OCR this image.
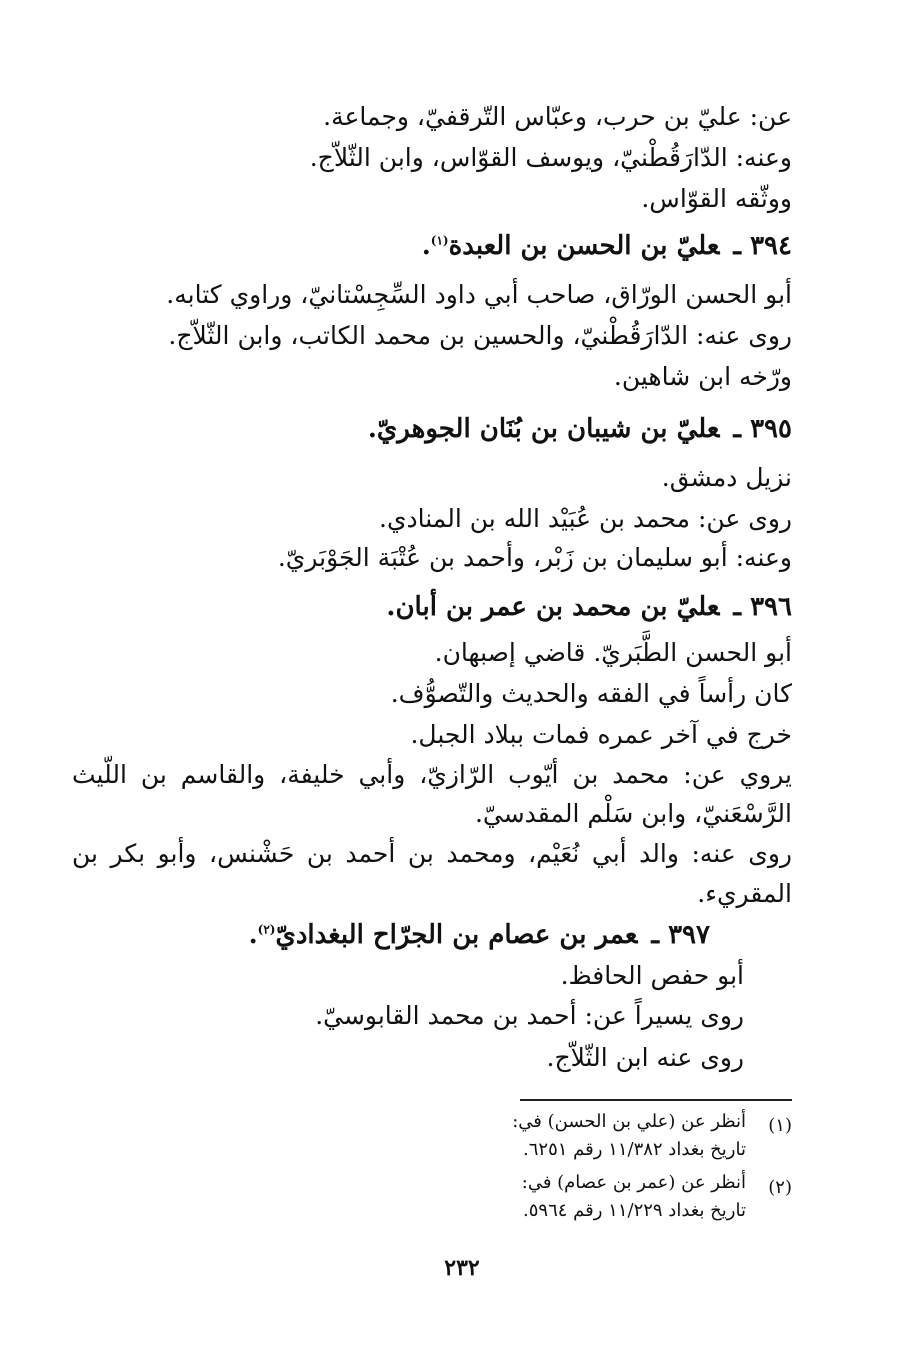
عن: عليّ بن حرب، وعبّاس التّرقفيّ، وجماعة.
وعنه: الدّارَقُطْنيّ، ويوسف القوّاس، وابن الثّلاّج.
ووثّقه القوّاس.
٣٩٤ ـعليّ بن الحسن بن العبدة$^{(١)}$.
أبو الحسن الورّاق، صاحب أبي داود السِّجِسْتانيّ، وراوي كتابه.
روى عنه: الدّارَقُطْنيّ، والحسين بن محمد الكاتب، وابن الثّلاّج.
ورّخه ابن شاهين.
٣٩٥ ـعليّ بن شيبان بن بُنَان الجوهريّ.
نزيل دمشق.
روى عن: محمد بن عُبَيْد الله بن المنادي.
وعنه: أبو سليمان بن زَبْر، وأحمد بن عُتْبَة الجَوْبَريّ.
٣٩٦ ـعليّ بن محمد بن عمر بن أبان.
أبو الحسن الطَّبَريّ. قاضي إصبهان.
كان رأساً في الفقه والحديث والتّصوُّف.
خرج في آخر عمره فمات ببلاد الجبل.
يروي عن: محمد بن أيّوب الرّازيّ، وأبي خليفة، والقاسم بن اللّيث
الرَّسْعَنيّ، وابن سَلْم المقدسيّ.
روى عنه: والد أبي نُعَيْم، ومحمد بن أحمد بن حَشْنس، وأبو بكر بن
المقريء.
٣٩٧ ـعمر بن عصام بن الجرّاح البغداديّ$^{(٢)}$.
أبو حفص الحافظ.
روى يسيراً عن: أحمد بن محمد القابوسيّ.
روى عنه ابن الثّلاّج.
(١)
أنظر عن (علي بن الحسن) في:
تاريخ بغداد ١١/٣٨٢ رقم ٦٢٥١.
(٢)
أنظر عن (عمر بن عصام) في:
تاريخ بغداد ١١/٢٢٩ رقم ٥٩٦٤.
٢٣٢
